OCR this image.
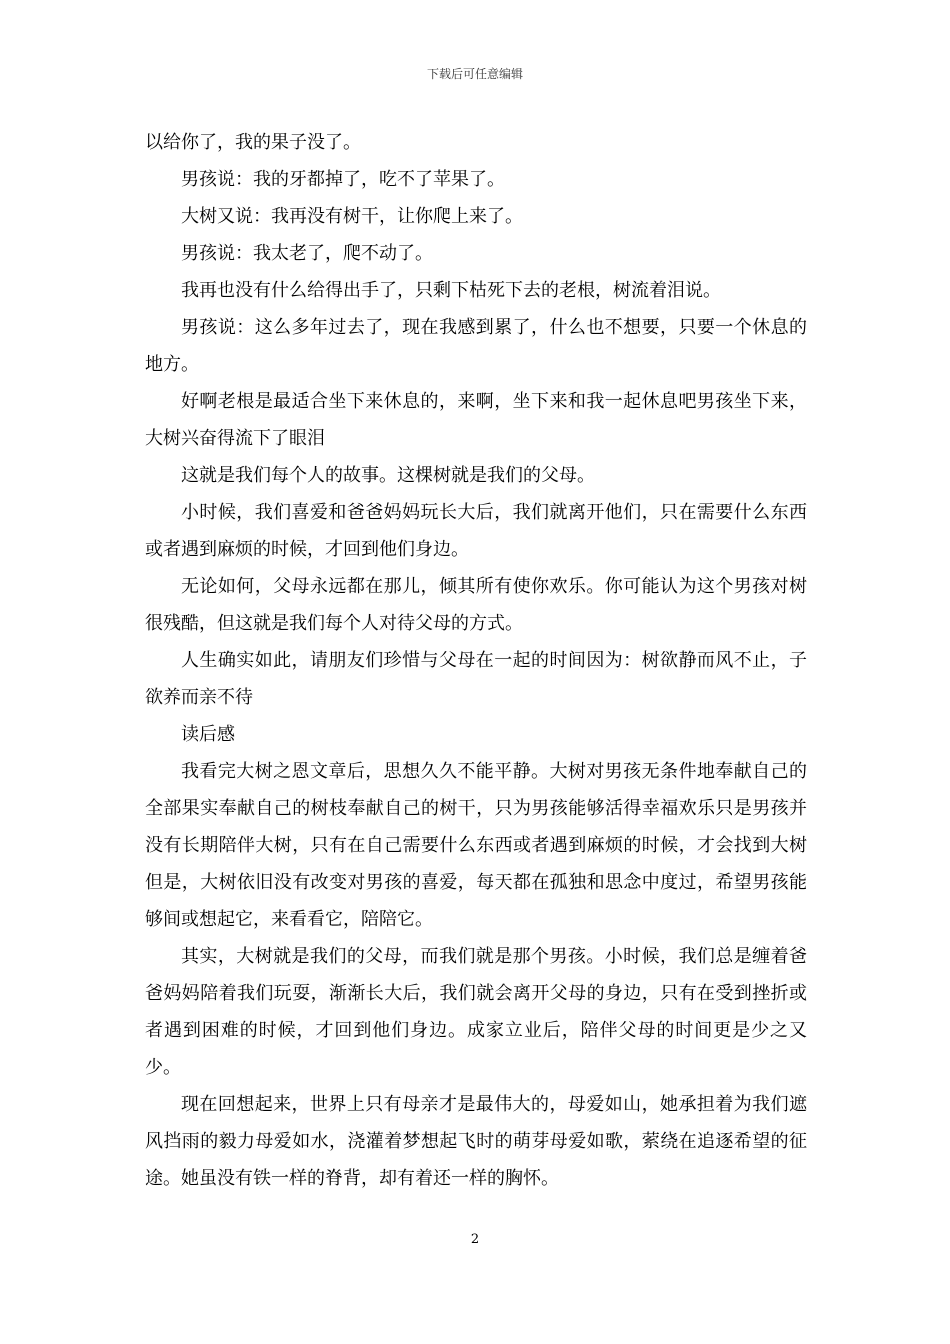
下载后可任意编辑

以给你了，我的果子没了。

男孩说：我的牙都掉了，吃不了苹果了。

大树又说：我再没有树干，让你爬上来了。

男孩说：我太老了，爬不动了。

我再也没有什么给得出手了，只剩下枯死下去的老根，树流着泪说。

男孩说：这么多年过去了，现在我感到累了，什么也不想要，只要一个休息的地方。

好啊老根是最适合坐下来休息的，来啊，坐下来和我一起休息吧男孩坐下来，大树兴奋得流下了眼泪

这就是我们每个人的故事。这棵树就是我们的父母。

小时候，我们喜爱和爸爸妈妈玩长大后，我们就离开他们，只在需要什么东西或者遇到麻烦的时候，才回到他们身边。

无论如何，父母永远都在那儿，倾其所有使你欢乐。你可能认为这个男孩对树很残酷，但这就是我们每个人对待父母的方式。

人生确实如此，请朋友们珍惜与父母在一起的时间因为：树欲静而风不止，子欲养而亲不待

读后感

我看完大树之恩文章后，思想久久不能平静。大树对男孩无条件地奉献自己的全部果实奉献自己的树枝奉献自己的树干，只为男孩能够活得幸福欢乐只是男孩并没有长期陪伴大树，只有在自己需要什么东西或者遇到麻烦的时候，才会找到大树但是，大树依旧没有改变对男孩的喜爱，每天都在孤独和思念中度过，希望男孩能够间或想起它，来看看它，陪陪它。

其实，大树就是我们的父母，而我们就是那个男孩。小时候，我们总是缠着爸爸妈妈陪着我们玩耍，渐渐长大后，我们就会离开父母的身边，只有在受到挫折或者遇到困难的时候，才回到他们身边。成家立业后，陪伴父母的时间更是少之又少。

现在回想起来，世界上只有母亲才是最伟大的，母爱如山，她承担着为我们遮风挡雨的毅力母爱如水，浇灌着梦想起飞时的萌芽母爱如歌，萦绕在追逐希望的征途。她虽没有铁一样的脊背，却有着还一样的胸怀。

2
